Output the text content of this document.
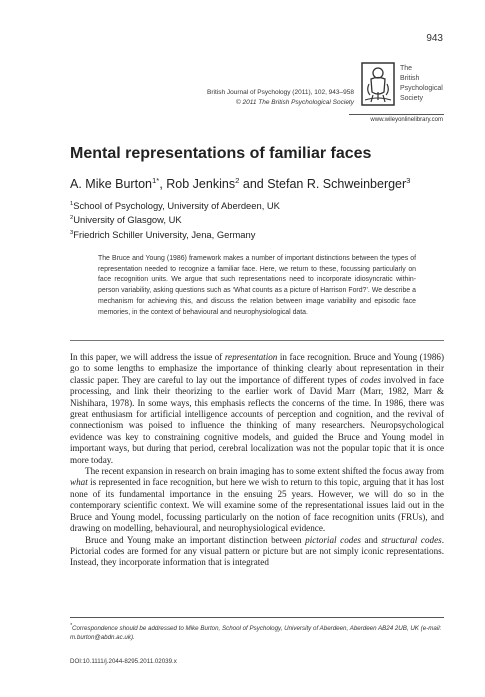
943
British Journal of Psychology (2011), 102, 943–958
© 2011 The British Psychological Society
The
British
Psychological
Society
www.wileyonlinelibrary.com
Mental representations of familiar faces
A. Mike Burton$^{1*}$, Rob Jenkins$^2$ and Stefan R. Schweinberger$^3$
$^1$School of Psychology, University of Aberdeen, UK
$^2$University of Glasgow, UK
$^3$Friedrich Schiller University, Jena, Germany

The Bruce and Young (1986) framework makes a number of important distinctions between the types of representation needed to recognize a familiar face. Here, we return to these, focussing particularly on face recognition units. We argue that such representations need to incorporate idiosyncratic within-person variability, asking questions such as ‘What counts as a picture of Harrison Ford?’. We describe a mechanism for achieving this, and discuss the relation between image variability and episodic face memories, in the context of behavioural and neurophysiological data.

In this paper, we will address the issue of representation in face recognition. Bruce and Young (1986) go to some lengths to emphasize the importance of thinking clearly about representation in their classic paper. They are careful to lay out the importance of different types of codes involved in face processing, and link their theorizing to the earlier work of David Marr (Marr, 1982, Marr & Nishihara, 1978). In some ways, this emphasis reflects the concerns of the time. In 1986, there was great enthusiasm for artificial intelligence accounts of perception and cognition, and the revival of connectionism was poised to influence the thinking of many researchers. Neuropsychological evidence was key to constraining cognitive models, and guided the Bruce and Young model in important ways, but during that period, cerebral localization was not the popular topic that it is once more today.

The recent expansion in research on brain imaging has to some extent shifted the focus away from what is represented in face recognition, but here we wish to return to this topic, arguing that it has lost none of its fundamental importance in the ensuing 25 years. However, we will do so in the contemporary scientific context. We will examine some of the representational issues laid out in the Bruce and Young model, focussing particularly on the notion of face recognition units (FRUs), and drawing on modelling, behavioural, and neurophysiological evidence.

Bruce and Young make an important distinction between pictorial codes and structural codes. Pictorial codes are formed for any visual pattern or picture but are not simply iconic representations. Instead, they incorporate information that is integrated

*Correspondence should be addressed to Mike Burton, School of Psychology, University of Aberdeen, Aberdeen AB24 2UB, UK (e-mail: m.burton@abdn.ac.uk).
DOI:10.1111/j.2044-8295.2011.02039.x
